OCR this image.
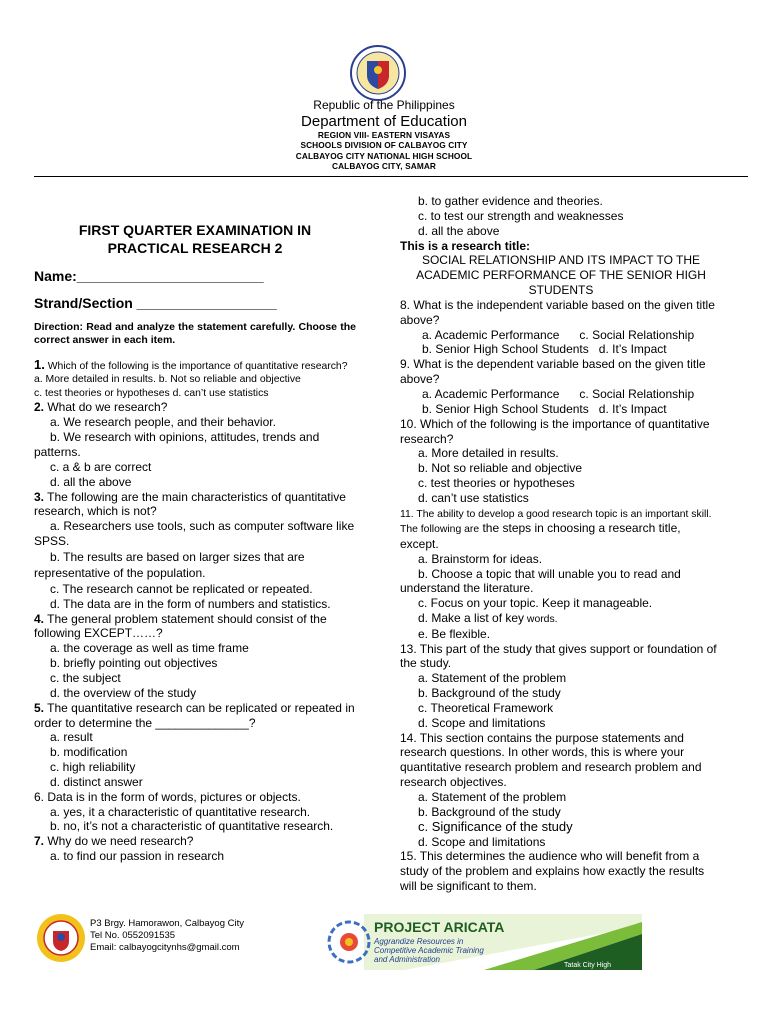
Republic of the Philippines
Department of Education
REGION VIII- EASTERN VISAYAS
SCHOOLS DIVISION OF CALBAYOG CITY
CALBAYOG CITY NATIONAL HIGH SCHOOL
CALBAYOG CITY, SAMAR

FIRST QUARTER EXAMINATION IN

PRACTICAL RESEARCH 2

Name:________________________

Strand/Section __________________

Direction: Read and analyze the statement carefully. Choose the correct answer in each item.

1. Which of the following is the importance of quantitative research?

a. More detailed in results. b. Not so reliable and objective

c. test theories or hypotheses d. can’t use statistics

2. What do we research?

a. We research people, and their behavior.

b. We research with opinions, attitudes, trends and patterns.

c. a & b are correct

d. all the above

3. The following are the main characteristics of quantitative research, which is not?

a. Researchers use tools, such as computer software like SPSS.

b. The results are based on larger sizes that are representative of the population.

c. The research cannot be replicated or repeated.

d. The data are in the form of numbers and statistics.

4. The general problem statement should consist of the following EXCEPT……?

a. the coverage as well as time frame

b. briefly pointing out objectives

c. the subject

d. the overview of the study

5. The quantitative research can be replicated or repeated in order to determine the ______________?

a. result

b. modification

c. high reliability

d. distinct answer

6. Data is in the form of words, pictures or objects.

a. yes, it a characteristic of quantitative research.

b. no, it’s not a characteristic of quantitative research.

7. Why do we need research?

a. to find our passion in research

b. to gather evidence and theories.

c. to test our strength and weaknesses

d. all the above

This is a research title:

SOCIAL RELATIONSHIP AND ITS IMPACT TO THE ACADEMIC PERFORMANCE OF THE SENIOR HIGH STUDENTS

8. What is the independent variable based on the given title above?

a. Academic Performance      c. Social Relationship

b. Senior High School Students   d. It’s Impact

9. What is the dependent variable based on the given title above?

a. Academic Performance      c. Social Relationship

b. Senior High School Students   d. It’s Impact

10. Which of the following is the importance of quantitative research?

a. More detailed in results.

b. Not so reliable and objective

c. test theories or hypotheses

d. can’t use statistics

11. The ability to develop a good research topic is an important skill. The following are the steps in choosing a research title, except.

a. Brainstorm for ideas.

b. Choose a topic that will unable you to read and understand the literature.

c. Focus on your topic. Keep it manageable.

d. Make a list of key words.

e. Be flexible.

13. This part of the study that gives support or foundation of the study.

a. Statement of the problem

b. Background of the study

c. Theoretical Framework

d. Scope and limitations

14. This section contains the purpose statements and research questions. In other words, this is where your quantitative research problem and research problem and research objectives.

a. Statement of the problem

b. Background of the study

c. Significance of the study

d. Scope and limitations

15. This determines the audience who will benefit from a study of the problem and explains how exactly the results will be significant to them.

P3 Brgy. Hamorawon, Calbayog City
Tel No. 0552091535
Email: calbayogcitynhs@gmail.com
PROJECT ARICATA
Aggrandize Resources in
Competitive Academic Training
and Administration
Tatak City High
